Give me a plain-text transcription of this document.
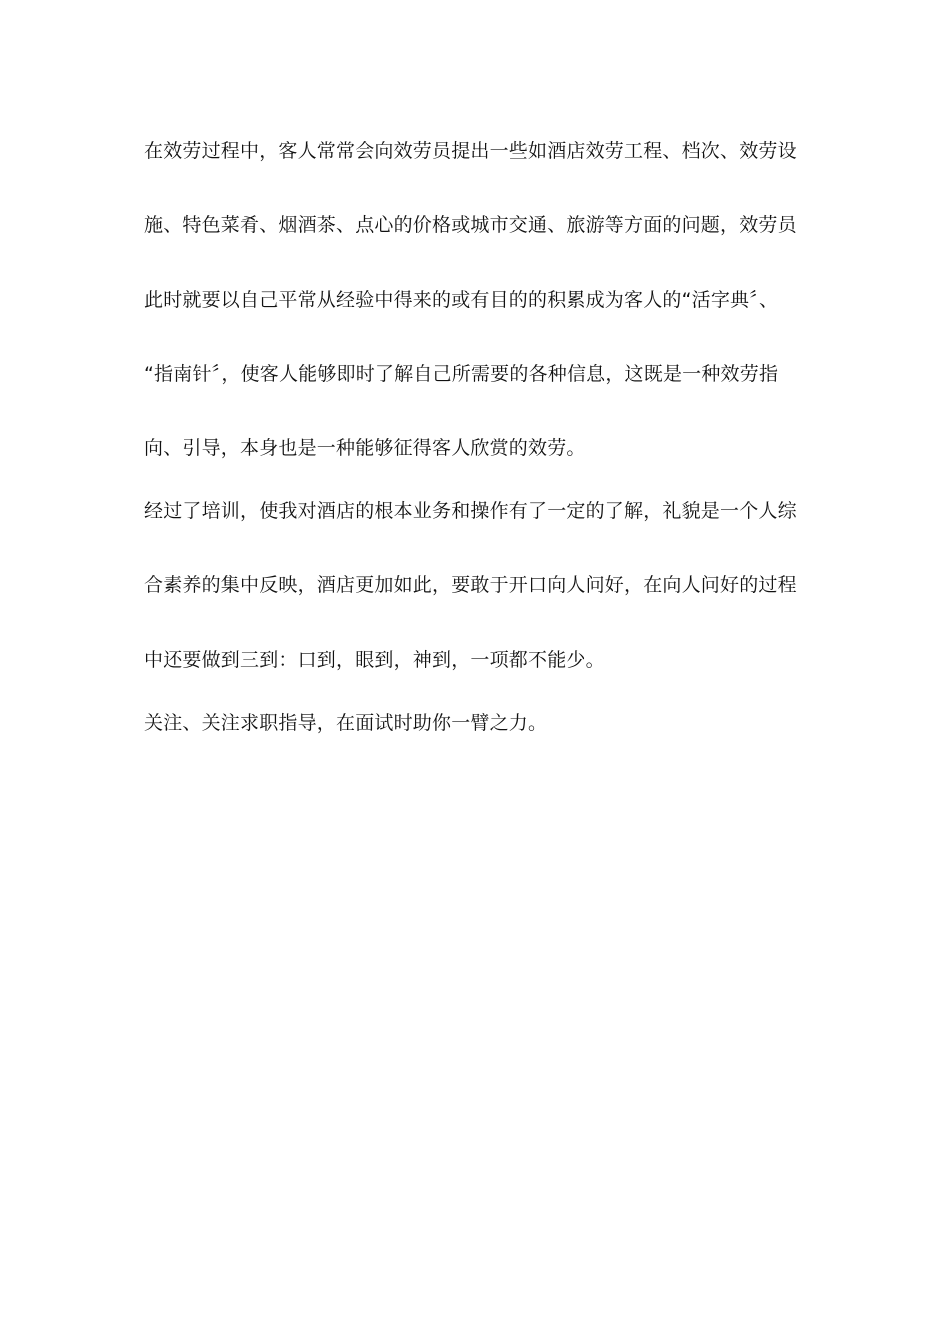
在效劳过程中，客人常常会向效劳员提出一些如酒店效劳工程、档次、效劳设
施、特色菜肴、烟酒茶、点心的价格或城市交通、旅游等方面的问题，效劳员
此时就要以自己平常从经验中得来的或有目的的积累成为客人的“活字典〞、
“指南针〞，使客人能够即时了解自己所需要的各种信息，这既是一种效劳指
向、引导，本身也是一种能够征得客人欣赏的效劳。
经过了培训，使我对酒店的根本业务和操作有了一定的了解，礼貌是一个人综
合素养的集中反映，酒店更加如此，要敢于开口向人问好，在向人问好的过程
中还要做到三到：口到，眼到，神到，一项都不能少。
关注、关注求职指导，在面试时助你一臂之力。
